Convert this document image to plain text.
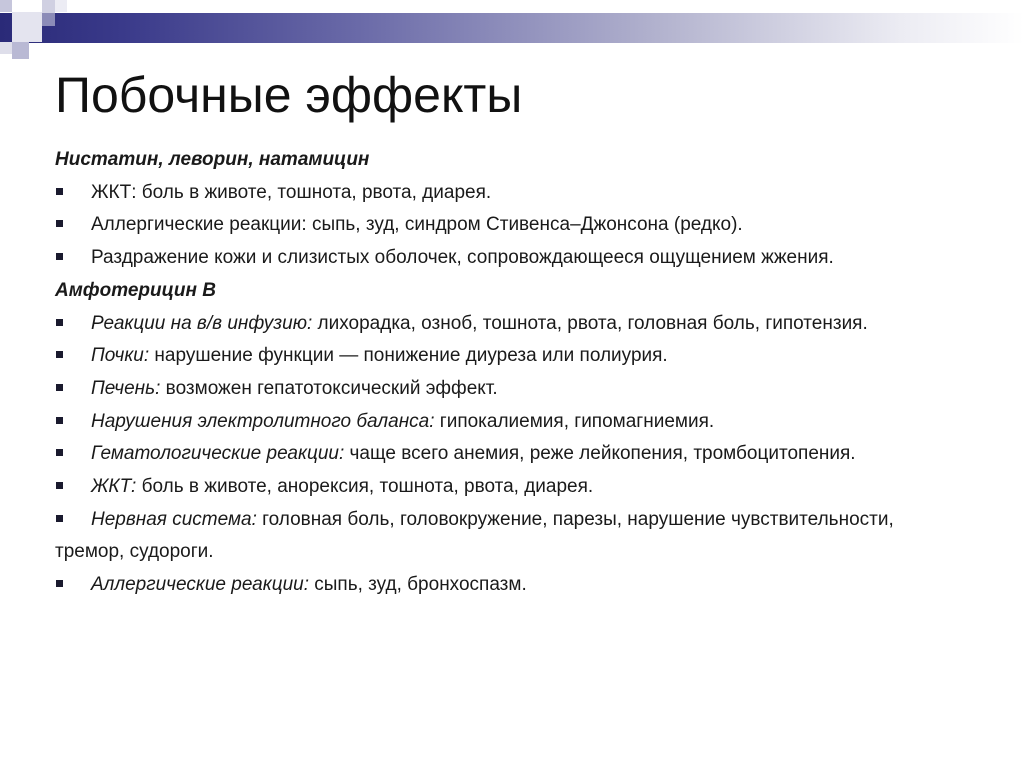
Побочные эффекты
Нистатин, леворин, натамицин
ЖКТ: боль в животе, тошнота, рвота, диарея.
Аллергические реакции: сыпь, зуд, синдром Стивенса–Джонсона (редко).
Раздражение кожи и слизистых оболочек, сопровождающееся ощущением жжения.
Амфотерицин В
Реакции на в/в инфузию: лихорадка, озноб, тошнота, рвота, головная боль, гипотензия.
Почки: нарушение функции — понижение диуреза или полиурия.
Печень: возможен гепатотоксический эффект.
Нарушения электролитного баланса: гипокалиемия, гипомагниемия.
Гематологические реакции: чаще всего анемия, реже лейкопения, тромбоцитопения.
ЖКТ: боль в животе, анорексия, тошнота, рвота, диарея.
Нервная система: головная боль, головокружение, парезы, нарушение чувствительности, тремор, судороги.
Аллергические реакции: сыпь, зуд, бронхоспазм.
